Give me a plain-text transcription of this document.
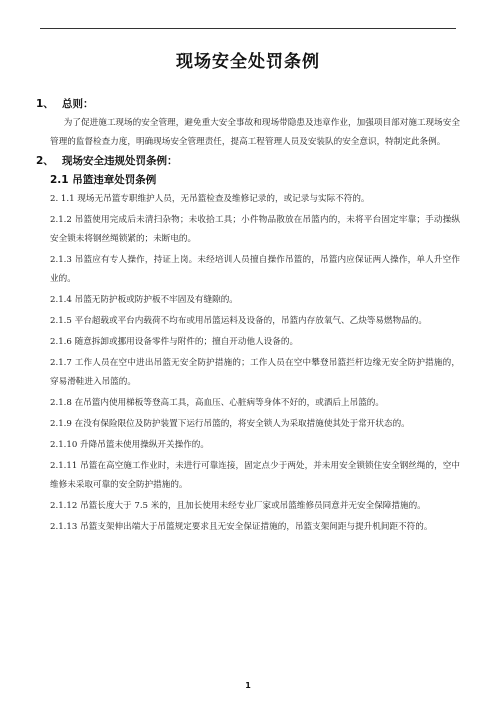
现场安全处罚条例
1、 总则：
为了促进施工现场的安全管理，避免重大安全事故和现场带隐患及违章作业，加强项目部对施工现场安全管理的监督检查力度，明确现场安全管理责任，提高工程管理人员及安装队的安全意识，特制定此条例。
2、 现场安全违规处罚条例：
2.1 吊篮违章处罚条例
2. 1.1 现场无吊篮专职维护人员，无吊篮检查及维修记录的，或记录与实际不符的。
2.1.2 吊篮使用完成后未清扫杂物；未收拾工具；小件物品散放在吊篮内的，未将平台固定牢靠；手动操纵安全锁未将钢丝绳锁紧的；未断电的。
2.1.3 吊篮应有专人操作，持证上岗。未经培训人员擅自操作吊篮的，吊篮内应保证两人操作，单人升空作业的。
2.1.4 吊篮无防护板或防护板不牢固及有缝隙的。
2.1.5 平台超载或平台内载荷不均布或用吊篮运料及设备的，吊篮内存放氧气、乙炔等易燃物品的。
2.1.6 随意拆卸或挪用设备零件与附件的；擅自开动他人设备的。
2.1.7 工作人员在空中进出吊篮无安全防护措施的；工作人员在空中攀登吊篮拦杆边缘无安全防护措施的，穿易滑鞋进入吊篮的。
2.1.8 在吊篮内使用梯板等登高工具，高血压、心脏病等身体不好的，或酒后上吊篮的。
2.1.9 在没有保险限位及防护装置下运行吊篮的，将安全锁人为采取措施使其处于常开状态的。
2.1.10 升降吊篮未使用操纵开关操作的。
2.1.11 吊篮在高空施工作业时，未进行可靠连接，固定点少于两处，并未用安全锁锁住安全钢丝绳的，空中维修未采取可靠的安全防护措施的。
2.1.12 吊篮长度大于 7.5 米的，且加长使用未经专业厂家或吊篮维修员同意并无安全保障措施的。
2.1.13 吊篮支架伸出端大于吊篮规定要求且无安全保证措施的，吊篮支架间距与提升机间距不符的。
1
